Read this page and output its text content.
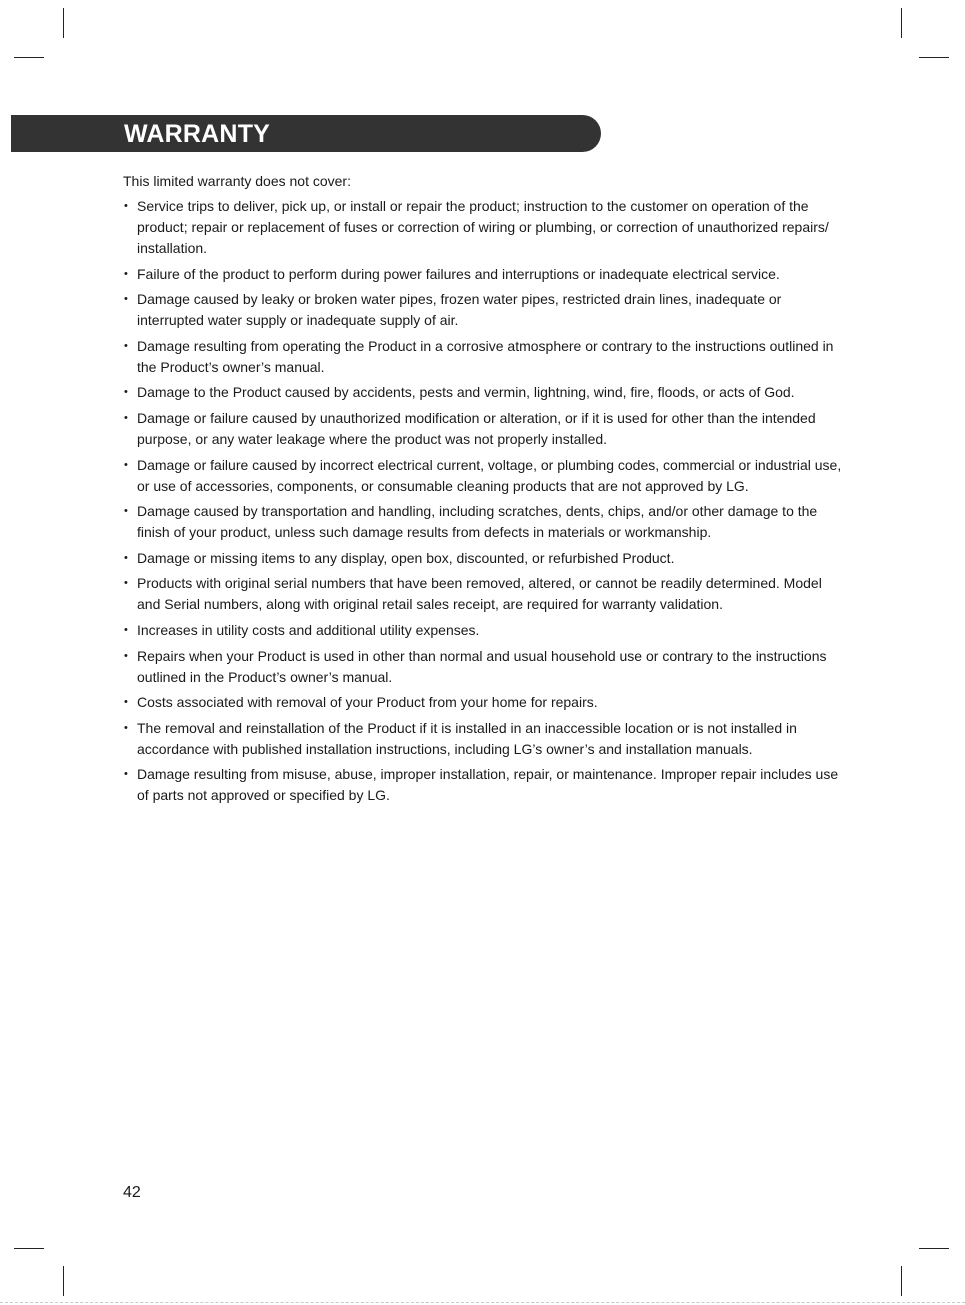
WARRANTY
This limited warranty does not cover:
• Service trips to deliver, pick up, or install or repair the product; instruction to the customer on operation of the product; repair or replacement of fuses or correction of wiring or plumbing, or correction of unauthorized repairs/ installation.
• Failure of the product to perform during power failures and interruptions or inadequate electrical service.
• Damage caused by leaky or broken water pipes, frozen water pipes, restricted drain lines, inadequate or interrupted water supply or inadequate supply of air.
• Damage resulting from operating the Product in a corrosive atmosphere or contrary to the instructions outlined in the Product’s owner’s manual.
• Damage to the Product caused by accidents, pests and vermin, lightning, wind, fire, floods, or acts of God.
• Damage or failure caused by unauthorized modification or alteration, or if it is used for other than the intended purpose, or any water leakage where the product was not properly installed.
• Damage or failure caused by incorrect electrical current, voltage, or plumbing codes, commercial or industrial use, or use of accessories, components, or consumable cleaning products that are not approved by LG.
• Damage caused by transportation and handling, including scratches, dents, chips, and/or other damage to the finish of your product, unless such damage results from defects in materials or workmanship.
• Damage or missing items to any display, open box, discounted, or refurbished Product.
• Products with original serial numbers that have been removed, altered, or cannot be readily determined. Model and Serial numbers, along with original retail sales receipt, are required for warranty validation.
• Increases in utility costs and additional utility expenses.
• Repairs when your Product is used in other than normal and usual household use or contrary to the instructions outlined in the Product’s owner’s manual.
• Costs associated with removal of your Product from your home for repairs.
• The removal and reinstallation of the Product if it is installed in an inaccessible location or is not installed in accordance with published installation instructions, including LG’s owner’s and installation manuals.
• Damage resulting from misuse, abuse, improper installation, repair, or maintenance. Improper repair includes use of parts not approved or specified by LG.
42
